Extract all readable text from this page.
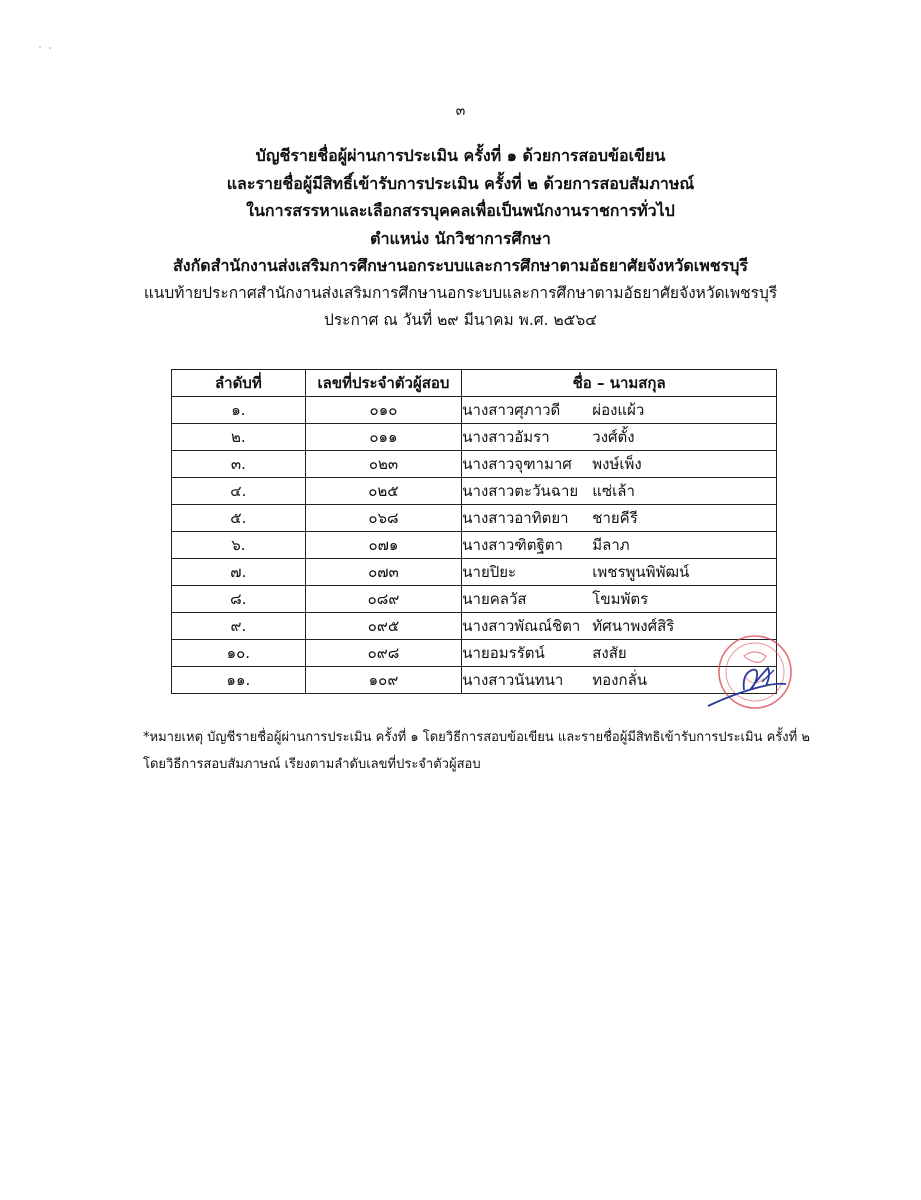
๓
บัญชีรายชื่อผู้ผ่านการประเมิน ครั้งที่ ๑ ด้วยการสอบข้อเขียน
และรายชื่อผู้มีสิทธิ์เข้ารับการประเมิน ครั้งที่ ๒ ด้วยการสอบสัมภาษณ์
ในการสรรหาและเลือกสรรบุคคลเพื่อเป็นพนักงานราชการทั่วไป
ตำแหน่ง นักวิชาการศึกษา
สังกัดสำนักงานส่งเสริมการศึกษานอกระบบและการศึกษาตามอัธยาศัยจังหวัดเพชรบุรี
แนบท้ายประกาศสำนักงานส่งเสริมการศึกษานอกระบบและการศึกษาตามอัธยาศัยจังหวัดเพชรบุรี
ประกาศ ณ วันที่ ๒๙ มีนาคม พ.ศ. ๒๕๖๔
ลำดับที่	เลขที่ประจำตัวผู้สอบ	ชื่อ – นามสกุล
๑.	๐๑๐	นางสาวศุภาวดี ผ่องแผ้ว
๒.	๐๑๑	นางสาวอัมรา วงศ์ตั้ง
๓.	๐๒๓	นางสาวจุฑามาศ พงษ์เพ็ง
๔.	๐๒๕	นางสาวตะวันฉาย แซ่เล้า
๕.	๐๖๘	นางสาวอาทิตยา ชายคีรี
๖.	๐๗๑	นางสาวฑิตฐิตา มีลาภ
๗.	๐๗๓	นายปิยะ เพชรพูนพิพัฒน์
๘.	๐๘๙	นายคลวัส โขมพัตร
๙.	๐๙๕	นางสาวพัณณ์ชิตา ทัศนาพงศ์สิริ
๑๐.	๐๙๘	นายอมรรัตน์ สงสัย
๑๑.	๑๐๙	นางสาวนันทนา ทองกลั่น
*หมายเหตุ บัญชีรายชื่อผู้ผ่านการประเมิน ครั้งที่ ๑ โดยวิธีการสอบข้อเขียน และรายชื่อผู้มีสิทธิเข้ารับการประเมิน ครั้งที่ ๒
โดยวิธีการสอบสัมภาษณ์ เรียงตามลำดับเลขที่ประจำตัวผู้สอบ
